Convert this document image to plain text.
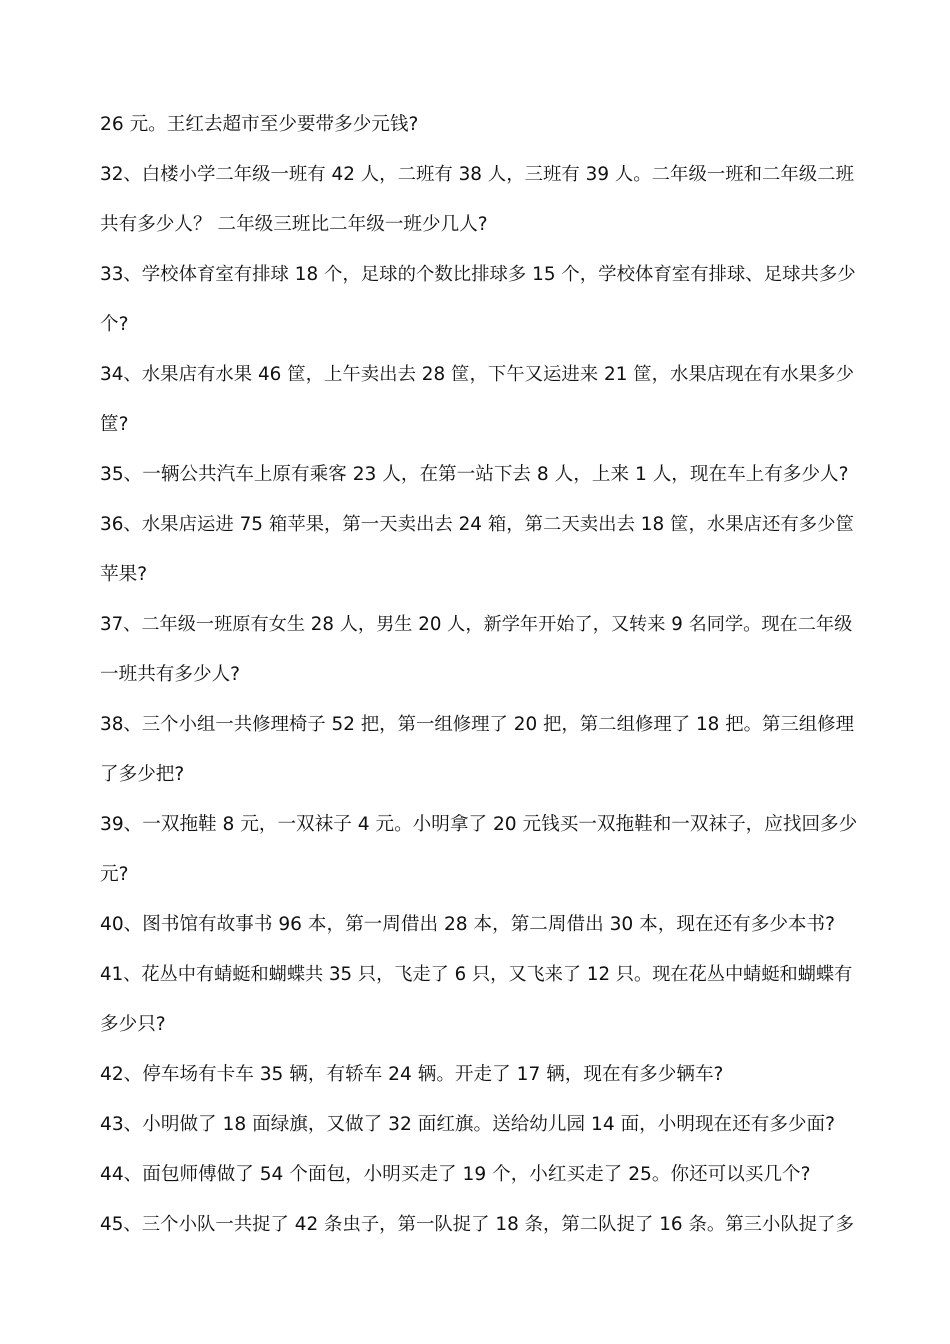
26 元。王红去超市至少要带多少元钱?
32、白楼小学二年级一班有 42 人，二班有 38 人，三班有 39 人。二年级一班和二年级二班
共有多少人？ 二年级三班比二年级一班少几人?
33、学校体育室有排球 18 个，足球的个数比排球多 15 个，学校体育室有排球、足球共多少
个?
34、水果店有水果 46 筐，上午卖出去 28 筐，下午又运进来 21 筐，水果店现在有水果多少
筐?
35、一辆公共汽车上原有乘客 23 人，在第一站下去 8 人，上来 1 人，现在车上有多少人?
36、水果店运进 75 箱苹果，第一天卖出去 24 箱，第二天卖出去 18 筐，水果店还有多少筐
苹果?
37、二年级一班原有女生 28 人，男生 20 人，新学年开始了，又转来 9 名同学。现在二年级
一班共有多少人?
38、三个小组一共修理椅子 52 把，第一组修理了 20 把，第二组修理了 18 把。第三组修理
了多少把?
39、一双拖鞋 8 元，一双袜子 4 元。小明拿了 20 元钱买一双拖鞋和一双袜子，应找回多少
元?
40、图书馆有故事书 96 本，第一周借出 28 本，第二周借出 30 本，现在还有多少本书?
41、花丛中有蜻蜓和蝴蝶共 35 只，飞走了 6 只，又飞来了 12 只。现在花丛中蜻蜓和蝴蝶有
多少只?
42、停车场有卡车 35 辆，有轿车 24 辆。开走了 17 辆，现在有多少辆车?
43、小明做了 18 面绿旗，又做了 32 面红旗。送给幼儿园 14 面，小明现在还有多少面?
44、面包师傅做了 54 个面包，小明买走了 19 个，小红买走了 25。你还可以买几个?
45、三个小队一共捉了 42 条虫子，第一队捉了 18 条，第二队捉了 16 条。第三小队捉了多
